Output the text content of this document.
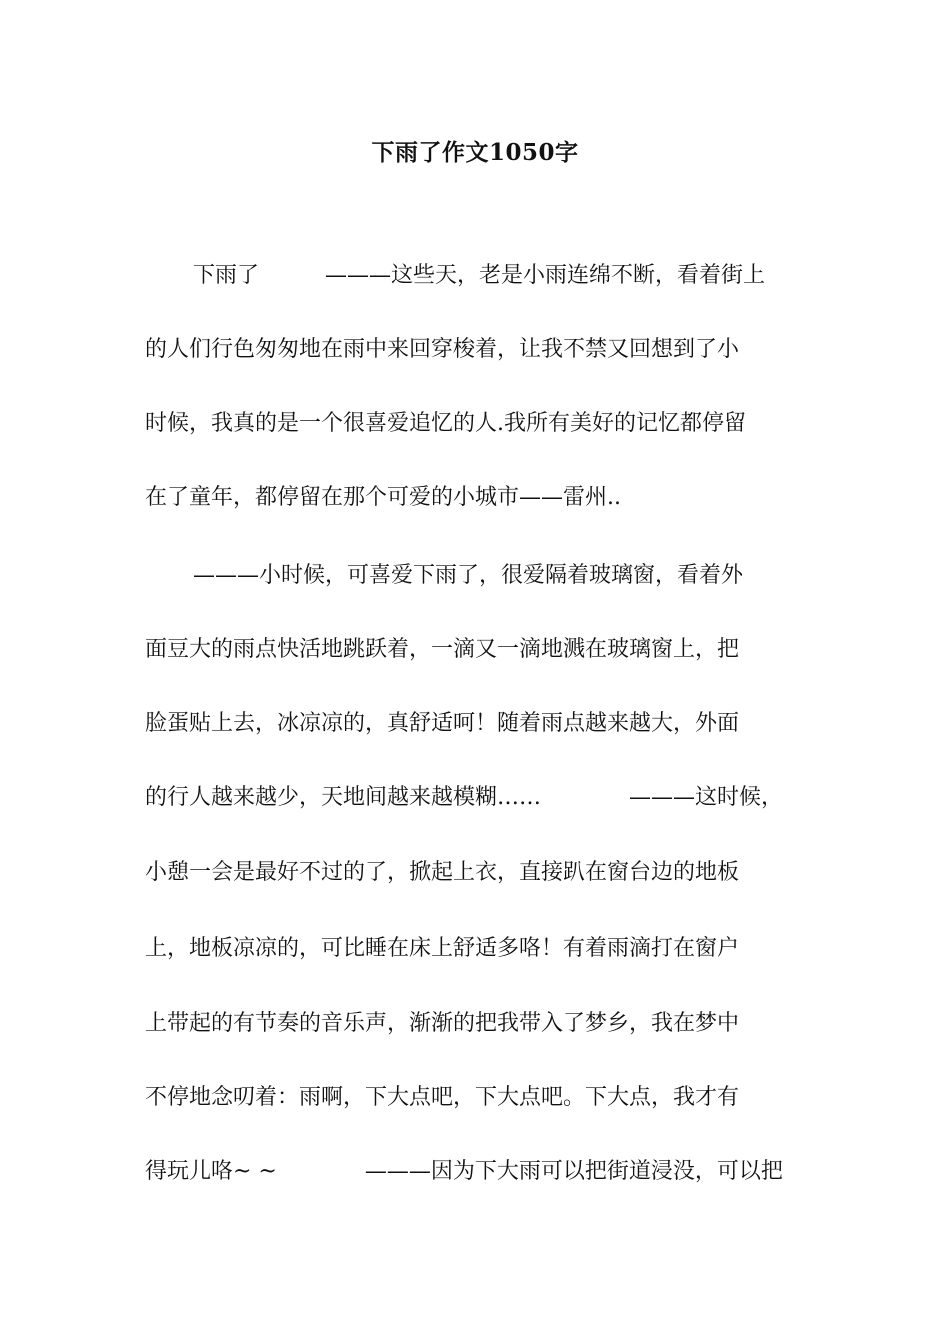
下雨了作文1050字
下雨了　　　———这些天，老是小雨连绵不断，看着街上
的人们行色匆匆地在雨中来回穿梭着，让我不禁又回想到了小
时候，我真的是一个很喜爱追忆的人.我所有美好的记忆都停留
在了童年，都停留在那个可爱的小城市——雷州..
———小时候，可喜爱下雨了，很爱隔着玻璃窗，看着外
面豆大的雨点快活地跳跃着，一滴又一滴地溅在玻璃窗上，把
脸蛋贴上去，冰凉凉的，真舒适呵！随着雨点越来越大，外面
的行人越来越少，天地间越来越模糊……　　　　———这时候，
小憩一会是最好不过的了，掀起上衣，直接趴在窗台边的地板
上，地板凉凉的，可比睡在床上舒适多咯！有着雨滴打在窗户
上带起的有节奏的音乐声，渐渐的把我带入了梦乡，我在梦中
不停地念叨着：雨啊，下大点吧，下大点吧。下大点，我才有
得玩儿咯~ ~　　　　———因为下大雨可以把街道浸没，可以把
